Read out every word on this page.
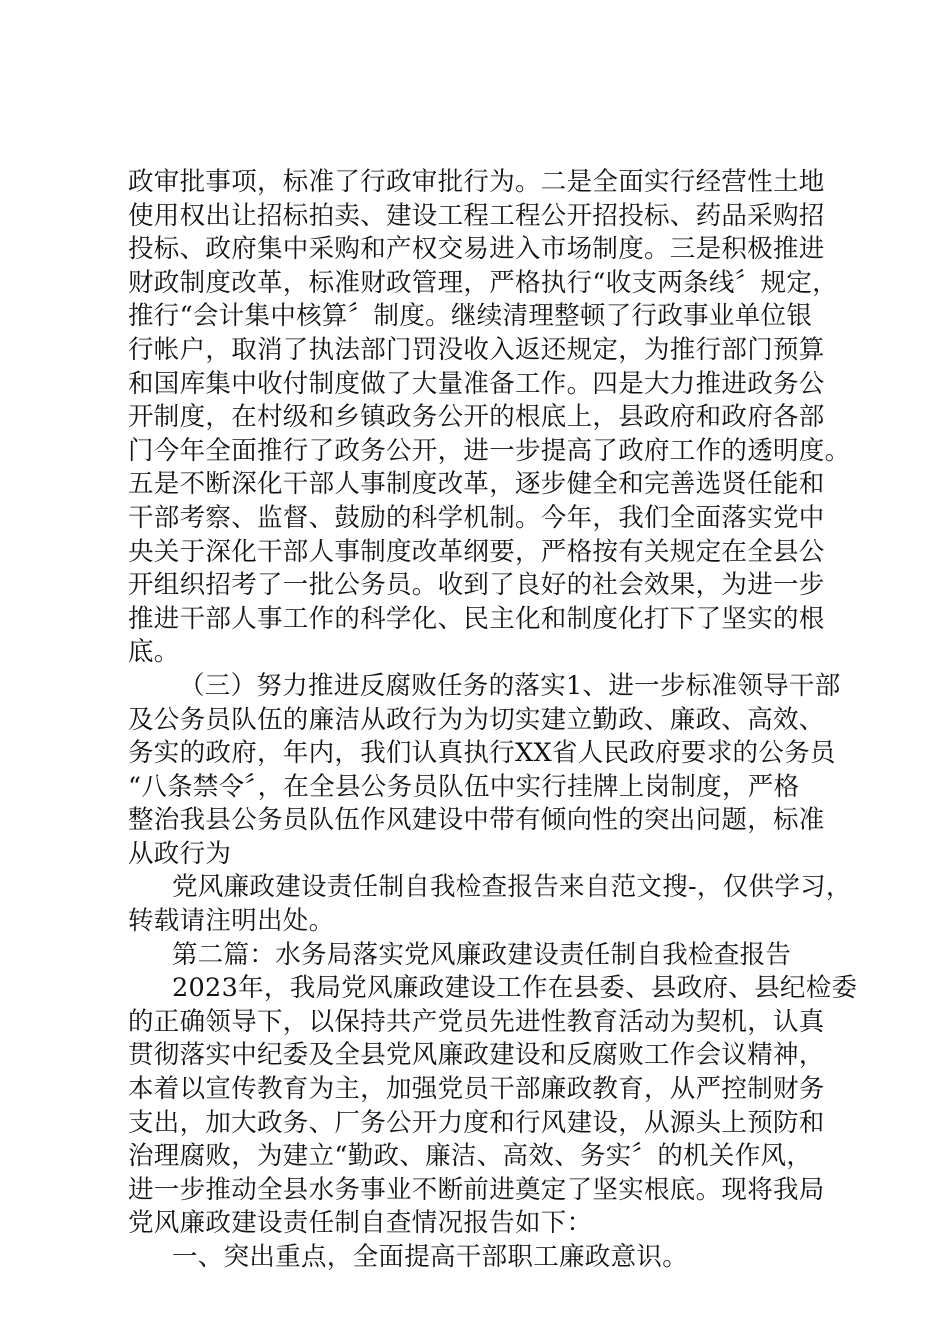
政审批事项，标准了行政审批行为。二是全面实行经营性土地
使用权出让招标拍卖、建设工程工程公开招投标、药品采购招
投标、政府集中采购和产权交易进入市场制度。三是积极推进
财政制度改革，标准财政管理，严格执行“收支两条线〞规定，
推行“会计集中核算〞制度。继续清理整顿了行政事业单位银
行帐户，取消了执法部门罚没收入返还规定，为推行部门预算
和国库集中收付制度做了大量准备工作。四是大力推进政务公
开制度，在村级和乡镇政务公开的根底上，县政府和政府各部
门今年全面推行了政务公开，进一步提高了政府工作的透明度。
五是不断深化干部人事制度改革，逐步健全和完善选贤任能和
干部考察、监督、鼓励的科学机制。今年，我们全面落实党中
央关于深化干部人事制度改革纲要，严格按有关规定在全县公
开组织招考了一批公务员。收到了良好的社会效果，为进一步
推进干部人事工作的科学化、民主化和制度化打下了坚实的根
底。
（三）努力推进反腐败任务的落实1、进一步标准领导干部
及公务员队伍的廉洁从政行为为切实建立勤政、廉政、高效、
务实的政府，年内，我们认真执行XX省人民政府要求的公务员
“八条禁令〞，在全县公务员队伍中实行挂牌上岗制度，严格
整治我县公务员队伍作风建设中带有倾向性的突出问题，标准
从政行为
党风廉政建设责任制自我检查报告来自范文搜-，仅供学习，
转载请注明出处。
第二篇：水务局落实党风廉政建设责任制自我检查报告
2023年，我局党风廉政建设工作在县委、县政府、县纪检委
的正确领导下，以保持共产党员先进性教育活动为契机，认真
贯彻落实中纪委及全县党风廉政建设和反腐败工作会议精神，
本着以宣传教育为主，加强党员干部廉政教育，从严控制财务
支出，加大政务、厂务公开力度和行风建设，从源头上预防和
治理腐败，为建立“勤政、廉洁、高效、务实〞的机关作风，
进一步推动全县水务事业不断前进奠定了坚实根底。现将我局
党风廉政建设责任制自查情况报告如下：
一、突出重点，全面提高干部职工廉政意识。
